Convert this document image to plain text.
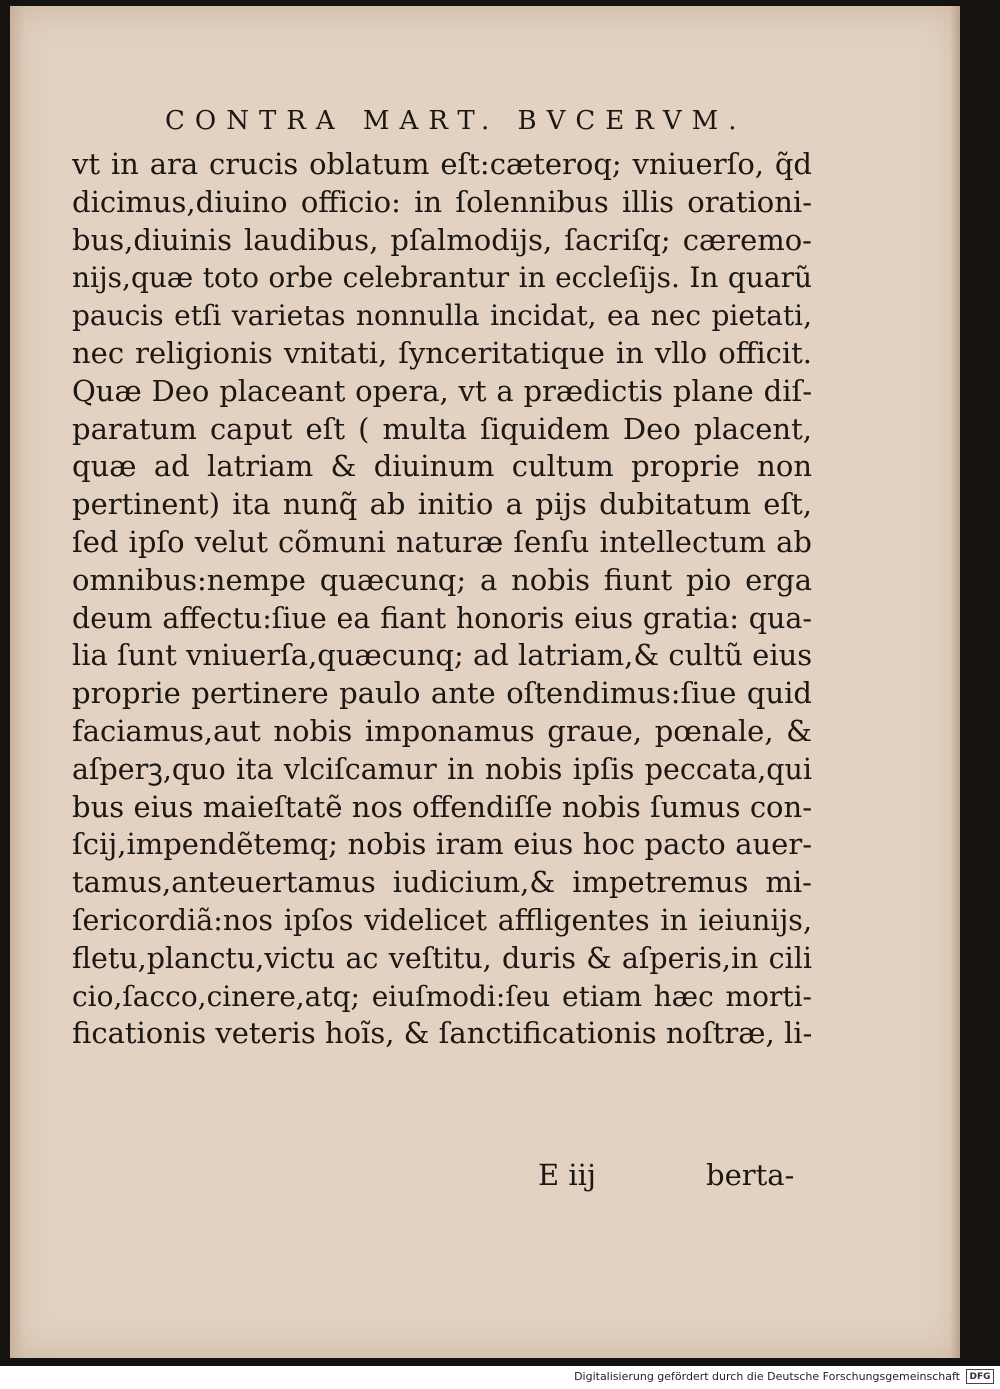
CONTRA MART. BVCERVM.
vt in ara crucis oblatum eſt:cæteroq; vniuerſo, q̃d
dicimus,diuino officio: in ſolennibus illis orationi-
bus,diuinis laudibus, pſalmodijs, ſacriſq; cæremo-
nijs,quæ toto orbe celebrantur in eccleſijs. In quarũ
paucis etſi varietas nonnulla incidat, ea nec pietati,
nec religionis vnitati, ſynceritatique in vllo officit.
Quæ Deo placeant opera, vt a prædictis plane diſ-
paratum caput eſt ( multa ſiquidem Deo placent,
quæ ad latriam & diuinum cultum proprie non
pertinent) ita nunq̃ ab initio a pijs dubitatum eſt,
ſed ipſo velut cõmuni naturæ ſenſu intellectum ab
omnibus:nempe quæcunq; a nobis fiunt pio erga
deum affectu:ſiue ea fiant honoris eius gratia: qua-
lia ſunt vniuerſa,quæcunq; ad latriam,& cultũ eius
proprie pertinere paulo ante oſtendimus:ſiue quid
faciamus,aut nobis imponamus graue, pœnale, &
aſperꝫ,quo ita vlciſcamur in nobis ipſis peccata,qui
bus eius maieſtatẽ nos offendiſſe nobis ſumus con-
ſcij,impendẽtemq; nobis iram eius hoc pacto auer-
tamus,anteuertamus iudicium,& impetremus mi-
ſericordiã:nos ipſos videlicet affligentes in ieiunijs,
fletu,planctu,victu ac veſtitu, duris & aſperis,in cili
cio,ſacco,cinere,atq; eiuſmodi:ſeu etiam hæc morti-
ficationis veteris hoĩs, & ſanctificationis noſtræ, li-
E iij	berta-
Digitalisierung gefördert durch die Deutsche Forschungsgemeinschaft	DFG
